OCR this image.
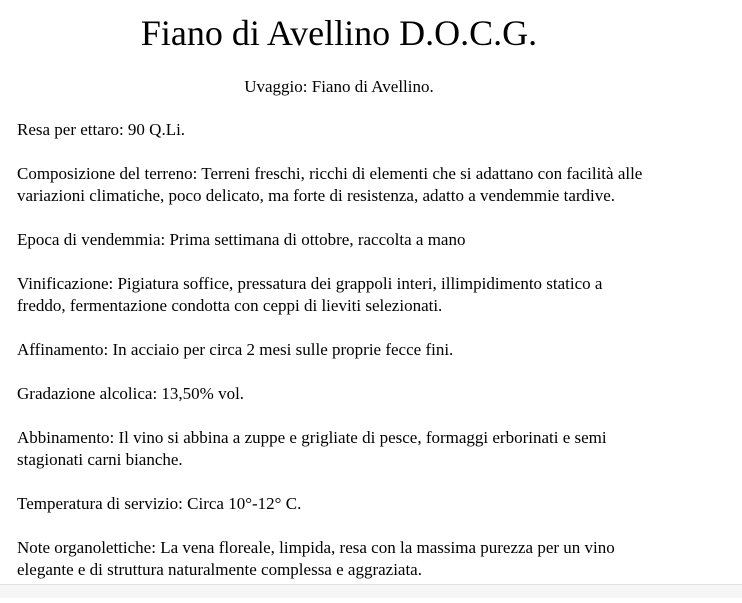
Fiano di Avellino D.O.C.G.

Uvaggio: Fiano di Avellino.

Resa per ettaro: 90 Q.Li.

Composizione del terreno: Terreni freschi, ricchi di elementi che si adattano con facilità alle
variazioni climatiche, poco delicato, ma forte di resistenza, adatto a vendemmie tardive.

Epoca di vendemmia: Prima settimana di ottobre, raccolta a mano

Vinificazione: Pigiatura soffice, pressatura dei grappoli interi, illimpidimento statico a
freddo, fermentazione condotta con ceppi di lieviti selezionati.

Affinamento: In acciaio per circa 2 mesi sulle proprie fecce fini.

Gradazione alcolica: 13,50% vol.

Abbinamento: Il vino si abbina a zuppe e grigliate di pesce, formaggi erborinati e semi
stagionati carni bianche.

Temperatura di servizio: Circa 10°-12° C.

Note organolettiche: La vena floreale, limpida, resa con la massima purezza per un vino
elegante e di struttura naturalmente complessa e aggraziata.
